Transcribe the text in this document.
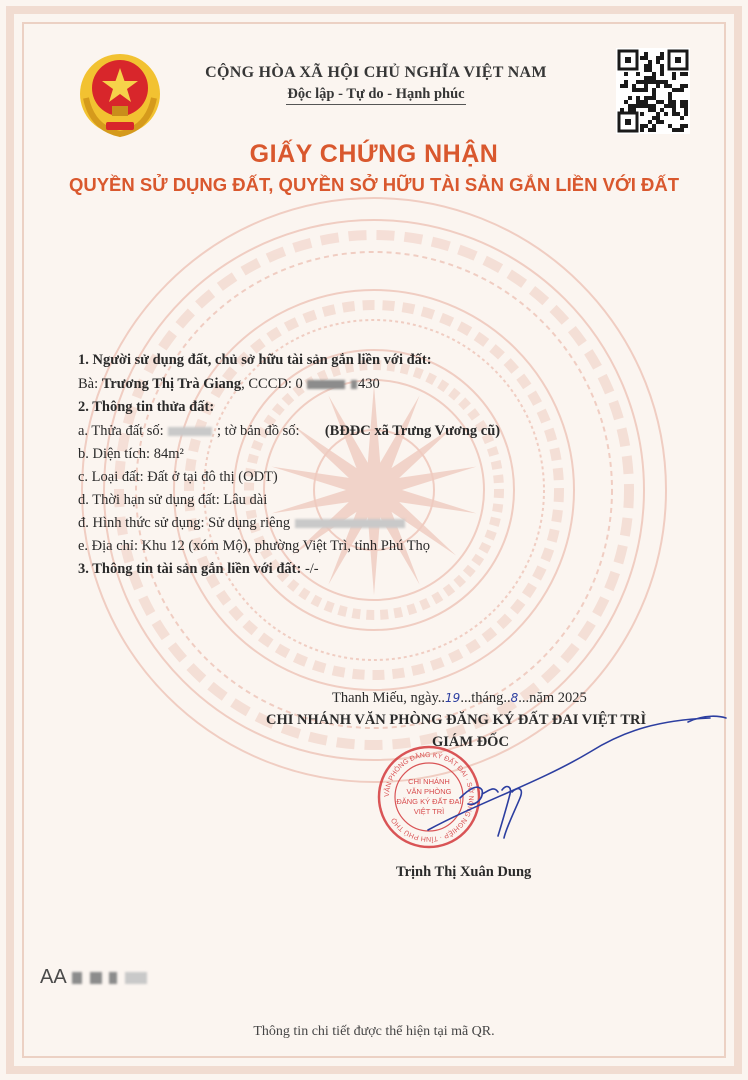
CỘNG HÒA XÃ HỘI CHỦ NGHĨA VIỆT NAM
Độc lập - Tự do - Hạnh phúc
GIẤY CHỨNG NHẬN
QUYỀN SỬ DỤNG ĐẤT, QUYỀN SỞ HỮU TÀI SẢN GẮN LIỀN VỚI ĐẤT
1. Người sử dụng đất, chủ sở hữu tài sản gắn liền với đất:
Bà: Trương Thị Trà Giang, CCCD: 0	430
2. Thông tin thửa đất:
a. Thửa đất số:	; tờ bản đồ số: (BĐĐC xã Trưng Vương cũ)
b. Diện tích: 84m²
c. Loại đất: Đất ở tại đô thị (ODT)
d. Thời hạn sử dụng đất: Lâu dài
đ. Hình thức sử dụng: Sử dụng riêng
e. Địa chỉ: Khu 12 (xóm Mộ), phường Việt Trì, tỉnh Phú Thọ
3. Thông tin tài sản gắn liền với đất: -/-
Thanh Miếu, ngày..19...tháng..8...năm 2025
CHI NHÁNH VĂN PHÒNG ĐĂNG KÝ ĐẤT ĐAI VIỆT TRÌ
GIÁM ĐỐC
VĂN PHÒNG ĐĂNG KÝ ĐẤT ĐAI · SỞ NÔNG NGHIỆP · TỈNH PHÚ THỌ
CHI NHÁNH
VĂN PHÒNG
ĐĂNG KÝ ĐẤT ĐAI
VIỆT TRÌ
Trịnh Thị Xuân Dung
AA
Thông tin chi tiết được thể hiện tại mã QR.
